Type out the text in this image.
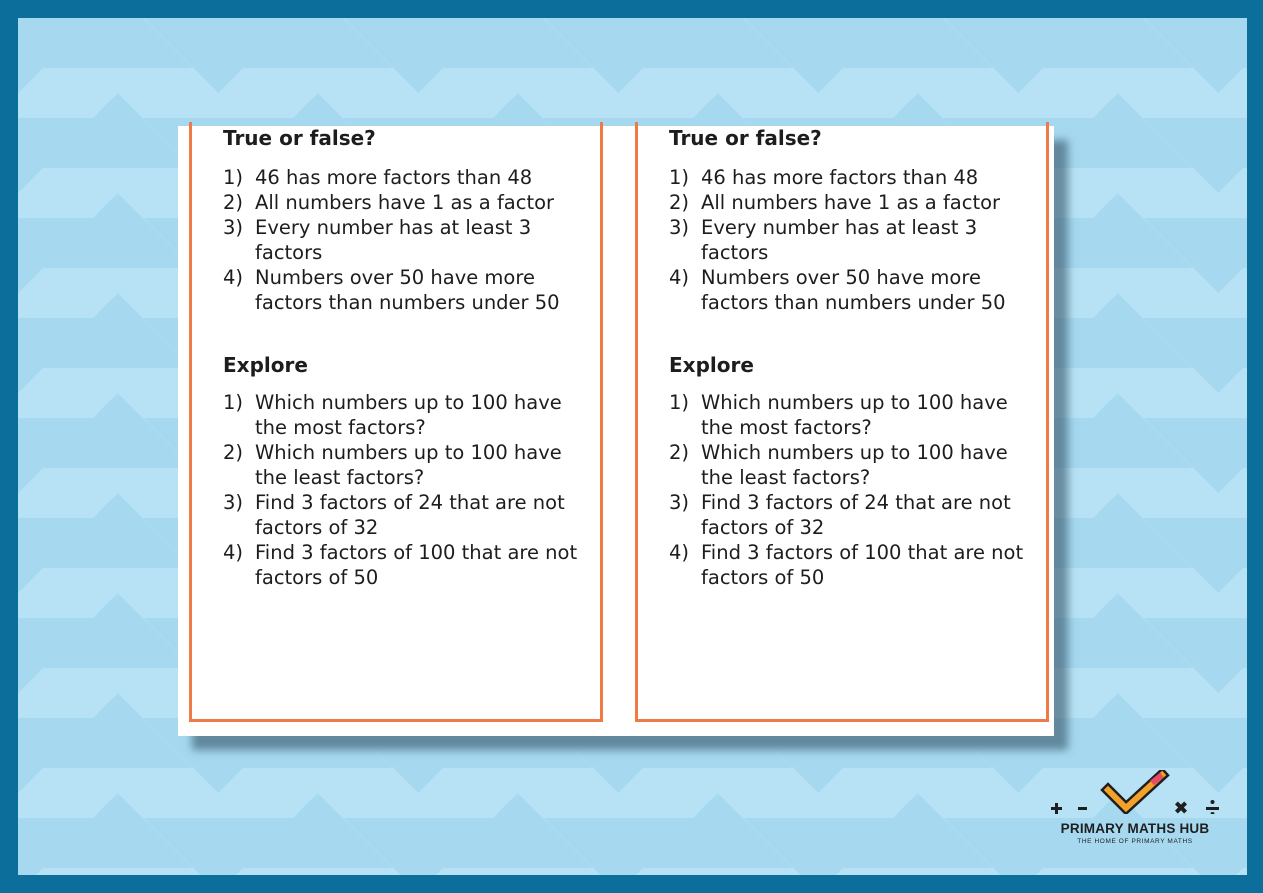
True or false?
1) 46 has more factors than 48
2) All numbers have 1 as a factor
3) Every number has at least 3 factors
4) Numbers over 50 have more factors than numbers under 50
Explore
1) Which numbers up to 100 have the most factors?
2) Which numbers up to 100 have the least factors?
3) Find 3 factors of 24 that are not factors of 32
4) Find 3 factors of 100 that are not factors of 50
True or false?
1) 46 has more factors than 48
2) All numbers have 1 as a factor
3) Every number has at least 3 factors
4) Numbers over 50 have more factors than numbers under 50
Explore
1) Which numbers up to 100 have the most factors?
2) Which numbers up to 100 have the least factors?
3) Find 3 factors of 24 that are not factors of 32
4) Find 3 factors of 100 that are not factors of 50
PRIMARY MATHS HUB
THE HOME OF PRIMARY MATHS
